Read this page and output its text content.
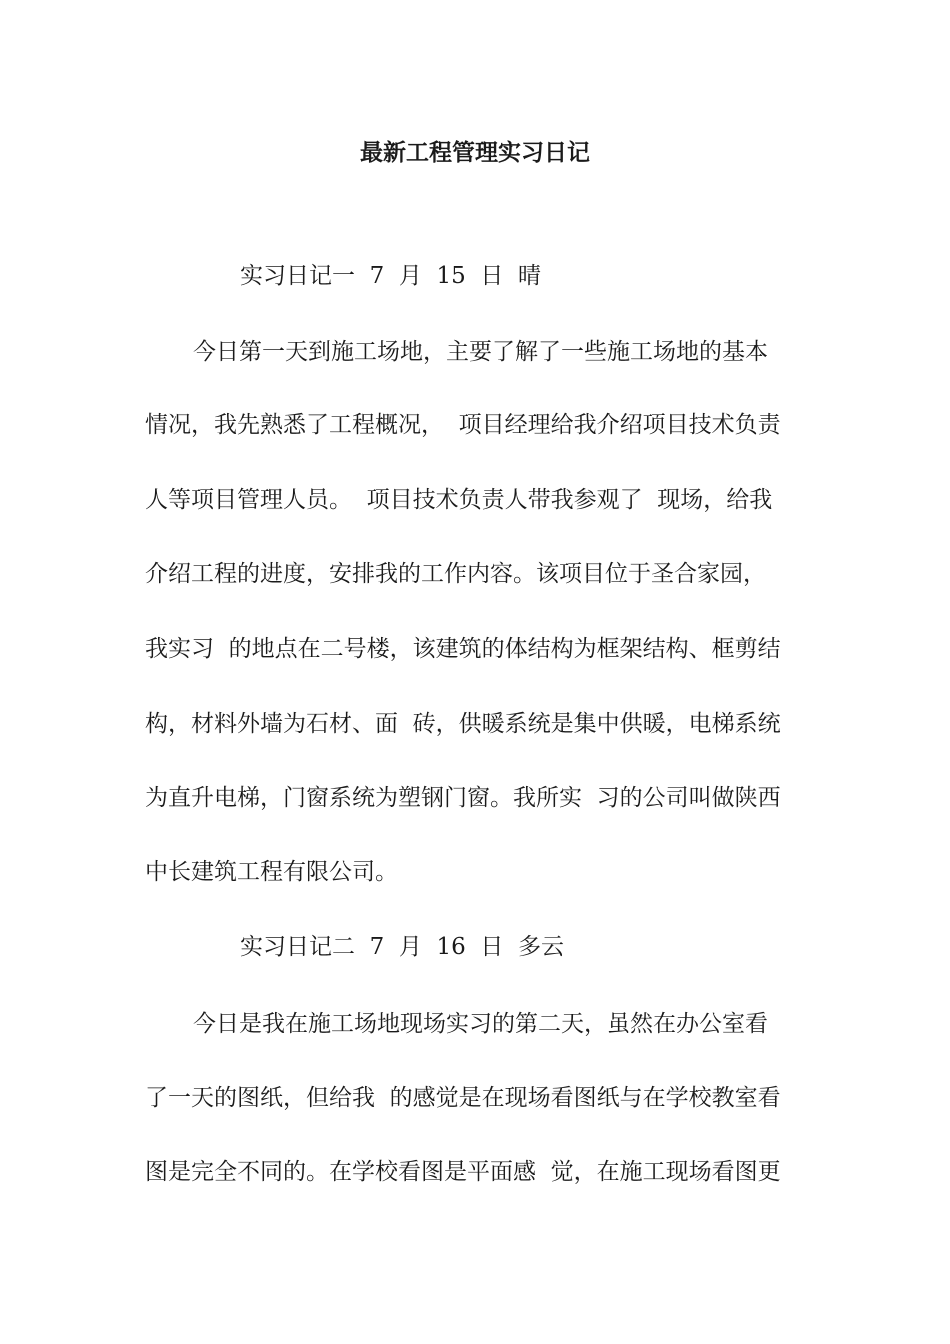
最新工程管理实习日记
实习日记一  7  月  15  日  晴
今日第一天到施工场地，主要了解了一些施工场地的基本
情况，我先熟悉了工程概况，  项目经理给我介绍项目技术负责
人等项目管理人员。  项目技术负责人带我参观了  现场，给我
介绍工程的进度，安排我的工作内容。该项目位于圣合家园，
我实习  的地点在二号楼，该建筑的体结构为框架结构、框剪结
构，材料外墙为石材、面  砖，供暖系统是集中供暖，电梯系统
为直升电梯，门窗系统为塑钢门窗。我所实  习的公司叫做陕西
中长建筑工程有限公司。
实习日记二  7  月  16  日  多云
今日是我在施工场地现场实习的第二天，虽然在办公室看
了一天的图纸，但给我  的感觉是在现场看图纸与在学校教室看
图是完全不同的。在学校看图是平面感  觉，在施工现场看图更
